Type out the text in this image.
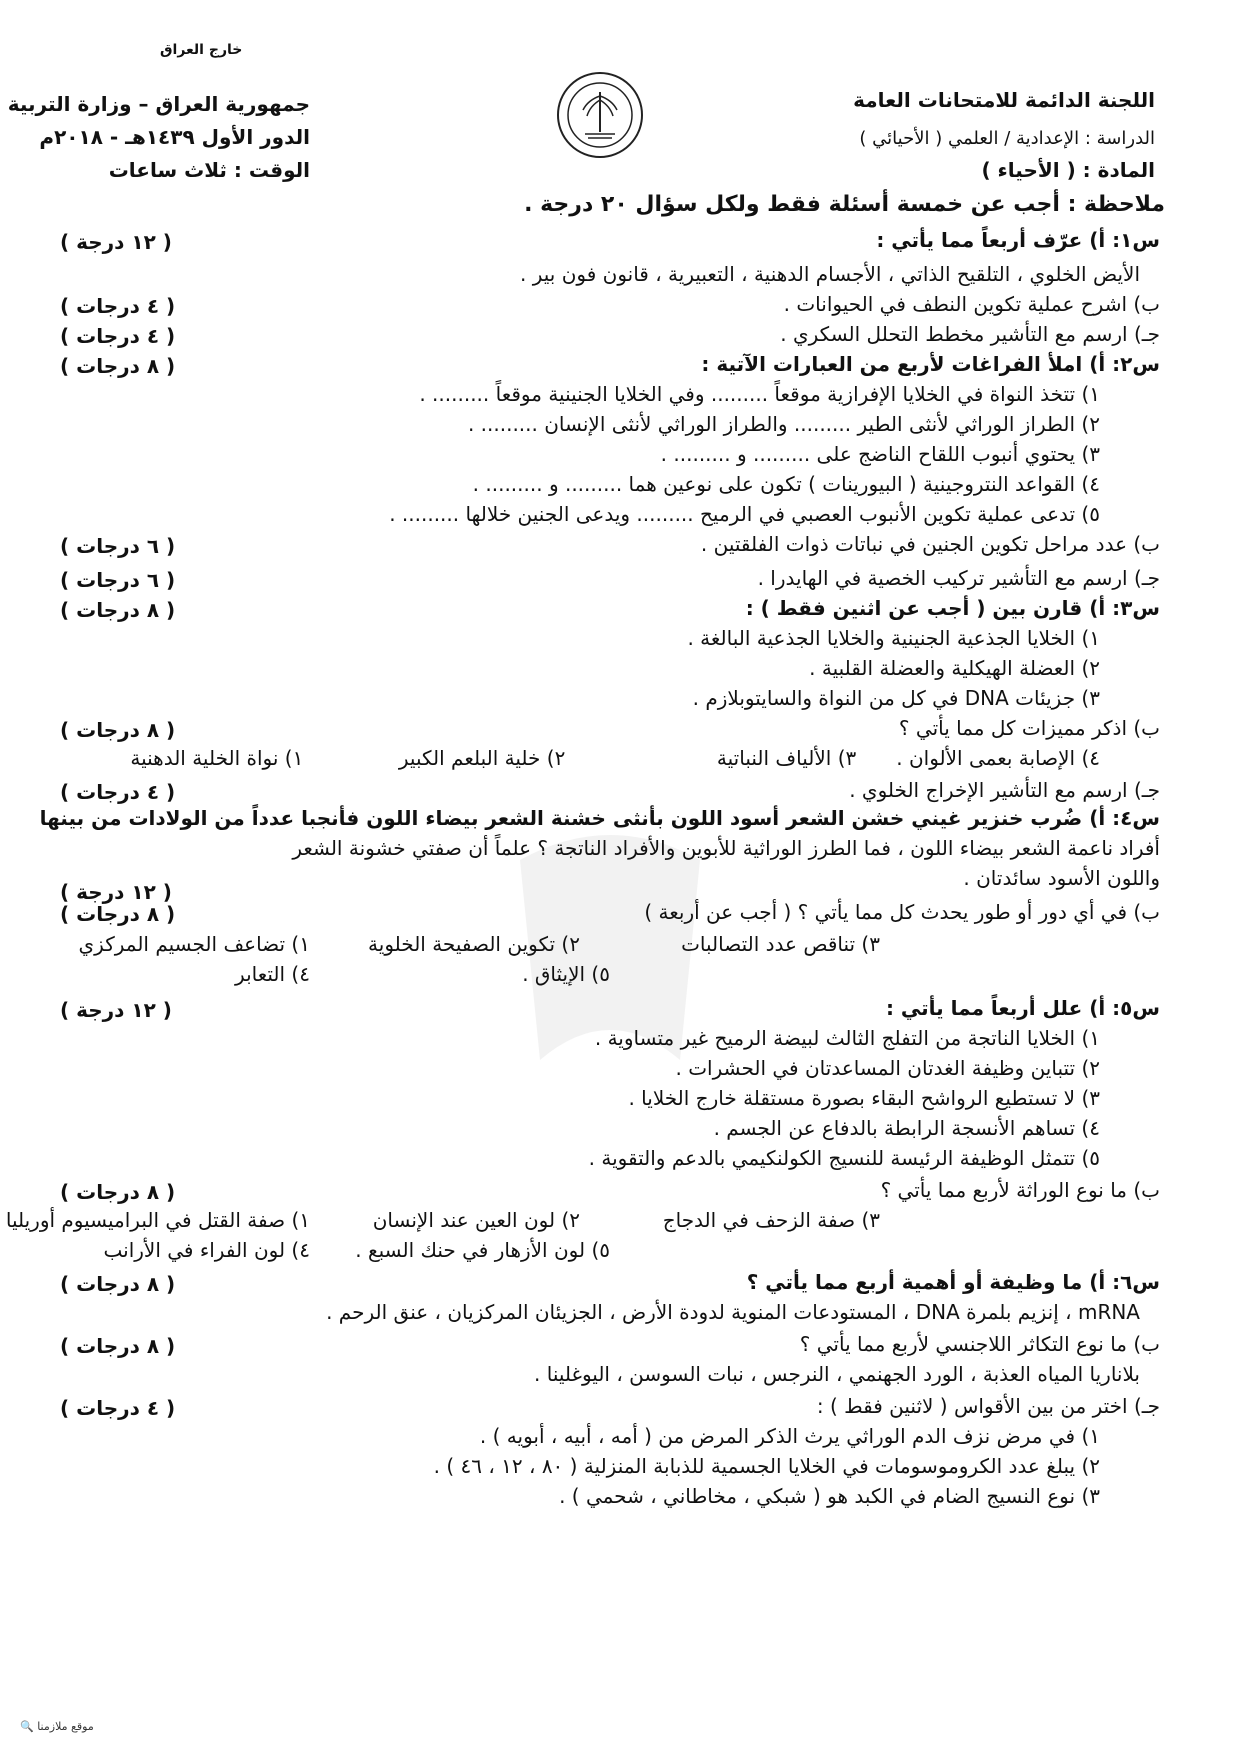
خارج العراق
جمهورية العراق – وزارة التربية
الدور الأول ١٤٣٩هـ - ٢٠١٨م
الوقت : ثلاث ساعات
اللجنة الدائمة للامتحانات العامة
الدراسة : الإعدادية / العلمي ( الأحيائي )
المادة : ( الأحياء )
ملاحظة : أجب عن خمسة أسئلة فقط ولكل سؤال ٢٠ درجة .
س١: أ) عرّف أربعاً مما يأتي :
( ١٢ درجة )
الأيض الخلوي ، التلقيح الذاتي ، الأجسام الدهنية ، التعبيرية ، قانون فون بير .
ب) اشرح عملية تكوين النطف في الحيوانات .
( ٤ درجات )
جـ) ارسم مع التأشير مخطط التحلل السكري .
( ٤ درجات )
س٢: أ) املأ الفراغات لأربع من العبارات الآتية :
( ٨ درجات )
١) تتخذ النواة في الخلايا الإفرازية موقعاً ......... وفي الخلايا الجنينية موقعاً ......... .
٢) الطراز الوراثي لأنثى الطير ......... والطراز الوراثي لأنثى الإنسان ......... .
٣) يحتوي أنبوب اللقاح الناضج على ......... و ......... .
٤) القواعد النتروجينية ( البيورينات ) تكون على نوعين هما ......... و ......... .
٥) تدعى عملية تكوين الأنبوب العصبي في الرميح ......... ويدعى الجنين خلالها ......... .
ب) عدد مراحل تكوين الجنين في نباتات ذوات الفلقتين .
( ٦ درجات )
جـ) ارسم مع التأشير تركيب الخصية في الهايدرا .
( ٦ درجات )
س٣: أ) قارن بين ( أجب عن اثنين فقط ) :
( ٨ درجات )
١) الخلايا الجذعية الجنينية والخلايا الجذعية البالغة .
٢) العضلة الهيكلية والعضلة القلبية .
٣) جزيئات DNA في كل من النواة والسايتوبلازم .
ب) اذكر مميزات كل مما يأتي ؟
( ٨ درجات )
١) نواة الخلية الدهنية	٢) خلية البلعم الكبير	٣) الألياف النباتية ٤) الإصابة بعمى الألوان .
جـ) ارسم مع التأشير الإخراج الخلوي .
( ٤ درجات )
س٤: أ) ضُرب خنزير غيني خشن الشعر أسود اللون بأنثى خشنة الشعر بيضاء اللون فأنجبا عدداً من الولادات من بينها
أفراد ناعمة الشعر بيضاء اللون ، فما الطرز الوراثية للأبوين والأفراد الناتجة ؟ علماً أن صفتي خشونة الشعر
واللون الأسود سائدتان .
( ١٢ درجة )
ب) في أي دور أو طور يحدث كل مما يأتي ؟ ( أجب عن أربعة )
( ٨ درجات )
١) تضاعف الجسيم المركزي	٢) تكوين الصفيحة الخلوية	٣) تناقص عدد التصالبات
٤) التعابر	٥) الإيثاق .
س٥: أ) علل أربعاً مما يأتي :
( ١٢ درجة )
١) الخلايا الناتجة من التفلج الثالث لبيضة الرميح غير متساوية .
٢) تتباين وظيفة الغدتان المساعدتان في الحشرات .
٣) لا تستطيع الرواشح البقاء بصورة مستقلة خارج الخلايا .
٤) تساهم الأنسجة الرابطة بالدفاع عن الجسم .
٥) تتمثل الوظيفة الرئيسة للنسيج الكولنكيمي بالدعم والتقوية .
ب) ما نوع الوراثة لأربع مما يأتي ؟
( ٨ درجات )
١) صفة القتل في البراميسيوم أوريليا	٢) لون العين عند الإنسان	٣) صفة الزحف في الدجاج
٤) لون الفراء في الأرانب ٥) لون الأزهار في حنك السبع .
س٦: أ) ما وظيفة أو أهمية أربع مما يأتي ؟
( ٨ درجات )
mRNA ، إنزيم بلمرة DNA ، المستودعات المنوية لدودة الأرض ، الجزيئان المركزيان ، عنق الرحم .
ب) ما نوع التكاثر اللاجنسي لأربع مما يأتي ؟
( ٨ درجات )
بلاناريا المياه العذبة ، الورد الجهنمي ، النرجس ، نبات السوسن ، اليوغلينا .
جـ) اختر من بين الأقواس ( لاثنين فقط ) :
( ٤ درجات )
١) في مرض نزف الدم الوراثي يرث الذكر المرض من ( أمه ، أبيه ، أبويه ) .
٢) يبلغ عدد الكروموسومات في الخلايا الجسمية للذبابة المنزلية ( ٨٠ ، ١٢ ، ٤٦ ) .
٣) نوع النسيج الضام في الكبد هو ( شبكي ، مخاطاني ، شحمي ) .
🔍 موقع ملازمنا
